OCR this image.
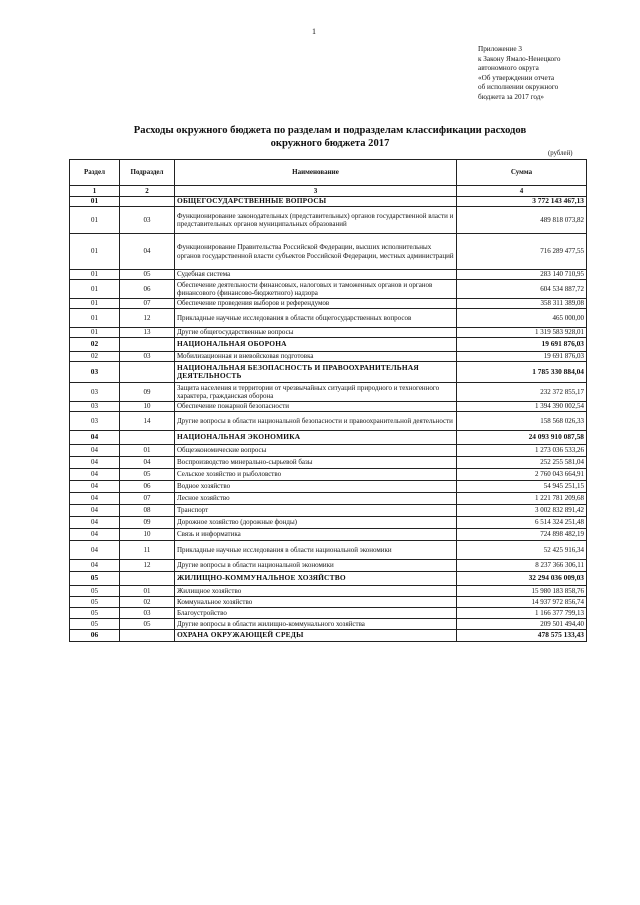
1
Приложение 3
к Закону Ямало-Ненецкого
автономного округа
«Об утверждении отчета
об исполнении окружного
бюджета за 2017 год»
Расходы окружного бюджета по разделам и подразделам классификации расходов
окружного бюджета 2017
(рублей)
Раздел	Подраздел	Наименование	Сумма
1	2	3	4
01		ОБЩЕГОСУДАРСТВЕННЫЕ ВОПРОСЫ	3 772 143 467,13
01	03	Функционирование законодательных (представительных) органов государственной власти и представительных органов муниципальных образований	489 818 073,82
01	04	Функционирование Правительства Российской Федерации, высших исполнительных органов государственной власти субъектов Российской Федерации, местных администраций	716 289 477,55
01	05	Судебная система	283 140 710,95
01	06	Обеспечение деятельности финансовых, налоговых и таможенных органов и органов финансового (финансово-бюджетного) надзора	604 534 887,72
01	07	Обеспечение проведения выборов и референдумов	358 311 389,08
01	12	Прикладные научные исследования в области общегосударственных вопросов	465 000,00
01	13	Другие общегосударственные вопросы	1 319 583 928,01
02		НАЦИОНАЛЬНАЯ ОБОРОНА	19 691 876,03
02	03	Мобилизационная и вневойсковая подготовка	19 691 876,03
03		НАЦИОНАЛЬНАЯ БЕЗОПАСНОСТЬ И ПРАВООХРАНИТЕЛЬНАЯ ДЕЯТЕЛЬНОСТЬ	1 785 330 884,04
03	09	Защита населения и территории от чрезвычайных ситуаций природного и техногенного характера, гражданская оборона	232 372 855,17
03	10	Обеспечение пожарной безопасности	1 394 390 002,54
03	14	Другие вопросы в области национальной безопасности и правоохранительной деятельности	158 568 026,33
04		НАЦИОНАЛЬНАЯ ЭКОНОМИКА	24 093 910 087,58
04	01	Общеэкономические вопросы	1 273 036 533,26
04	04	Воспроизводство минерально-сырьевой базы	252 255 581,04
04	05	Сельское хозяйство и рыболовство	2 760 043 664,91
04	06	Водное хозяйство	54 945 251,15
04	07	Лесное хозяйство	1 221 781 209,68
04	08	Транспорт	3 002 832 891,42
04	09	Дорожное хозяйство (дорожные фонды)	6 514 324 251,48
04	10	Связь и информатика	724 898 482,19
04	11	Прикладные научные исследования в области национальной экономики	52 425 916,34
04	12	Другие вопросы в области национальной экономики	8 237 366 306,11
05		ЖИЛИЩНО-КОММУНАЛЬНОЕ ХОЗЯЙСТВО	32 294 036 009,03
05	01	Жилищное хозяйство	15 980 183 858,76
05	02	Коммунальное хозяйство	14 937 972 856,74
05	03	Благоустройство	1 166 377 799,13
05	05	Другие вопросы в области жилищно-коммунального хозяйства	209 501 494,40
06		ОХРАНА ОКРУЖАЮЩЕЙ СРЕДЫ	478 575 133,43
